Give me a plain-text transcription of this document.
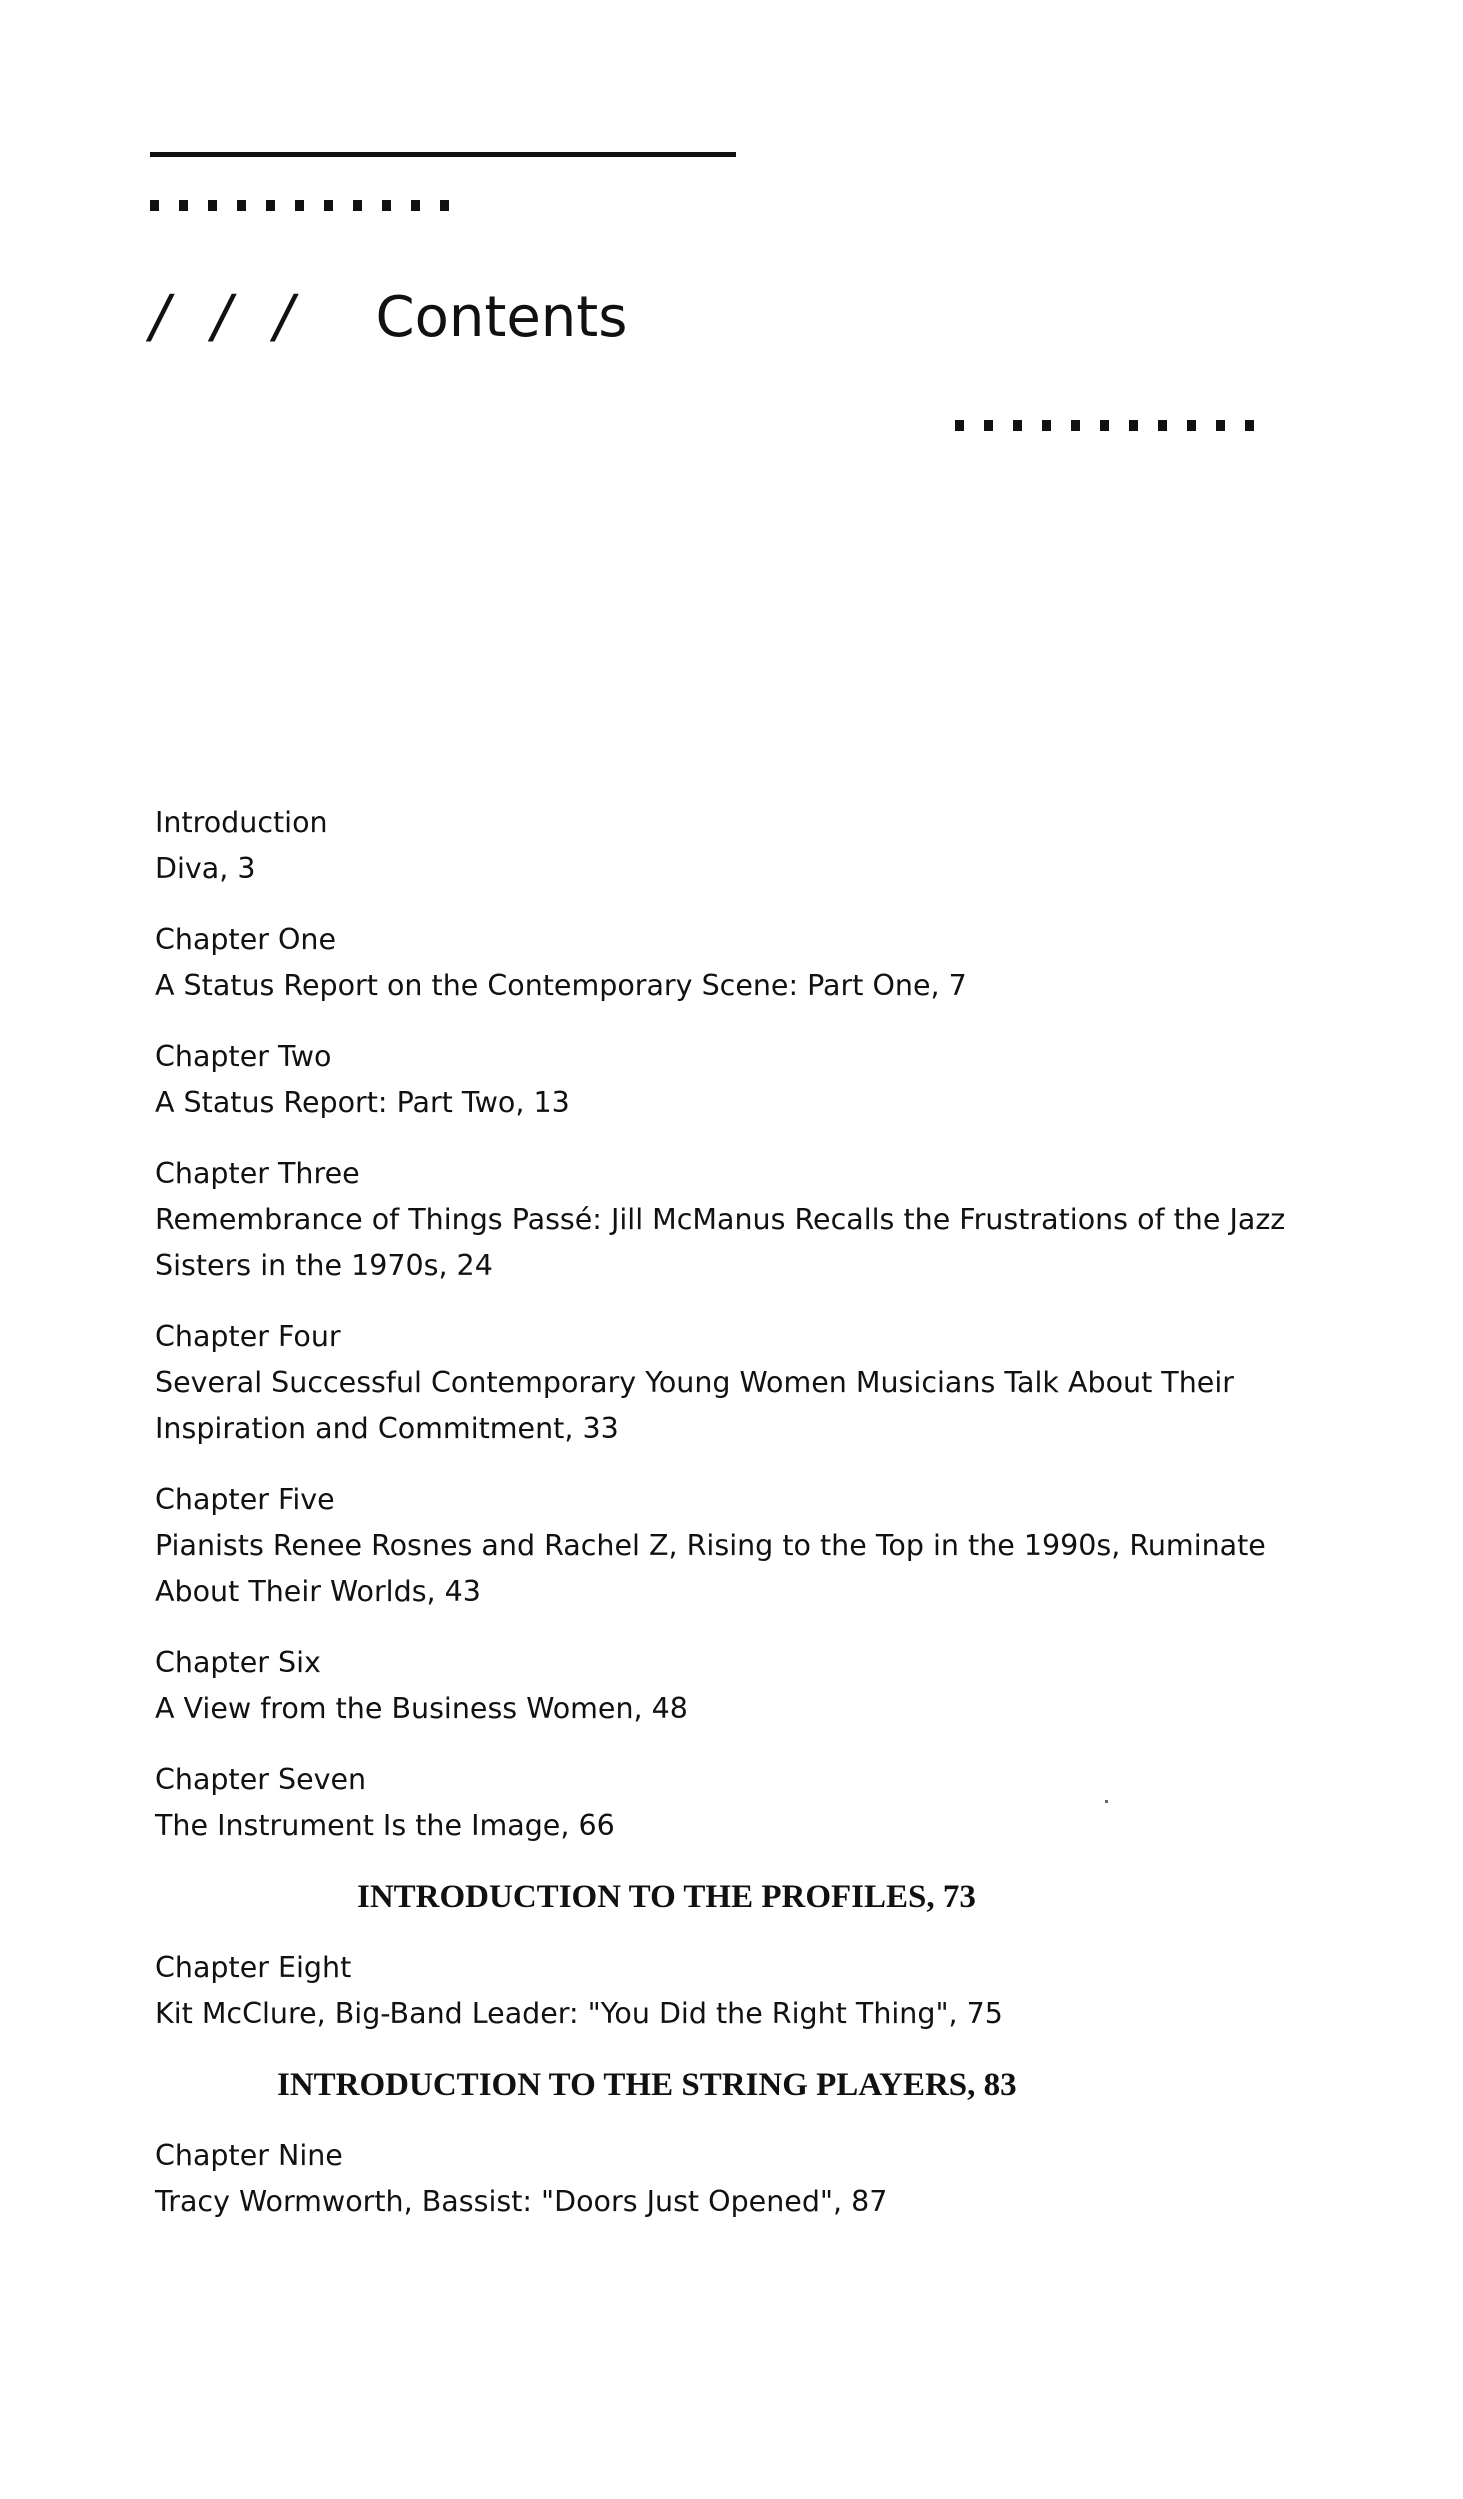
/ / / Contents
Introduction
Diva, 3
Chapter One
A Status Report on the Contemporary Scene: Part One, 7
Chapter Two
A Status Report: Part Two, 13
Chapter Three
Remembrance of Things Passé: Jill McManus Recalls the Frustrations of the Jazz Sisters in the 1970s, 24
Chapter Four
Several Successful Contemporary Young Women Musicians Talk About Their Inspiration and Commitment, 33
Chapter Five
Pianists Renee Rosnes and Rachel Z, Rising to the Top in the 1990s, Ruminate About Their Worlds, 43
Chapter Six
A View from the Business Women, 48
Chapter Seven
The Instrument Is the Image, 66
INTRODUCTION TO THE PROFILES, 73
Chapter Eight
Kit McClure, Big-Band Leader: "You Did the Right Thing", 75
INTRODUCTION TO THE STRING PLAYERS, 83
Chapter Nine
Tracy Wormworth, Bassist: "Doors Just Opened", 87
